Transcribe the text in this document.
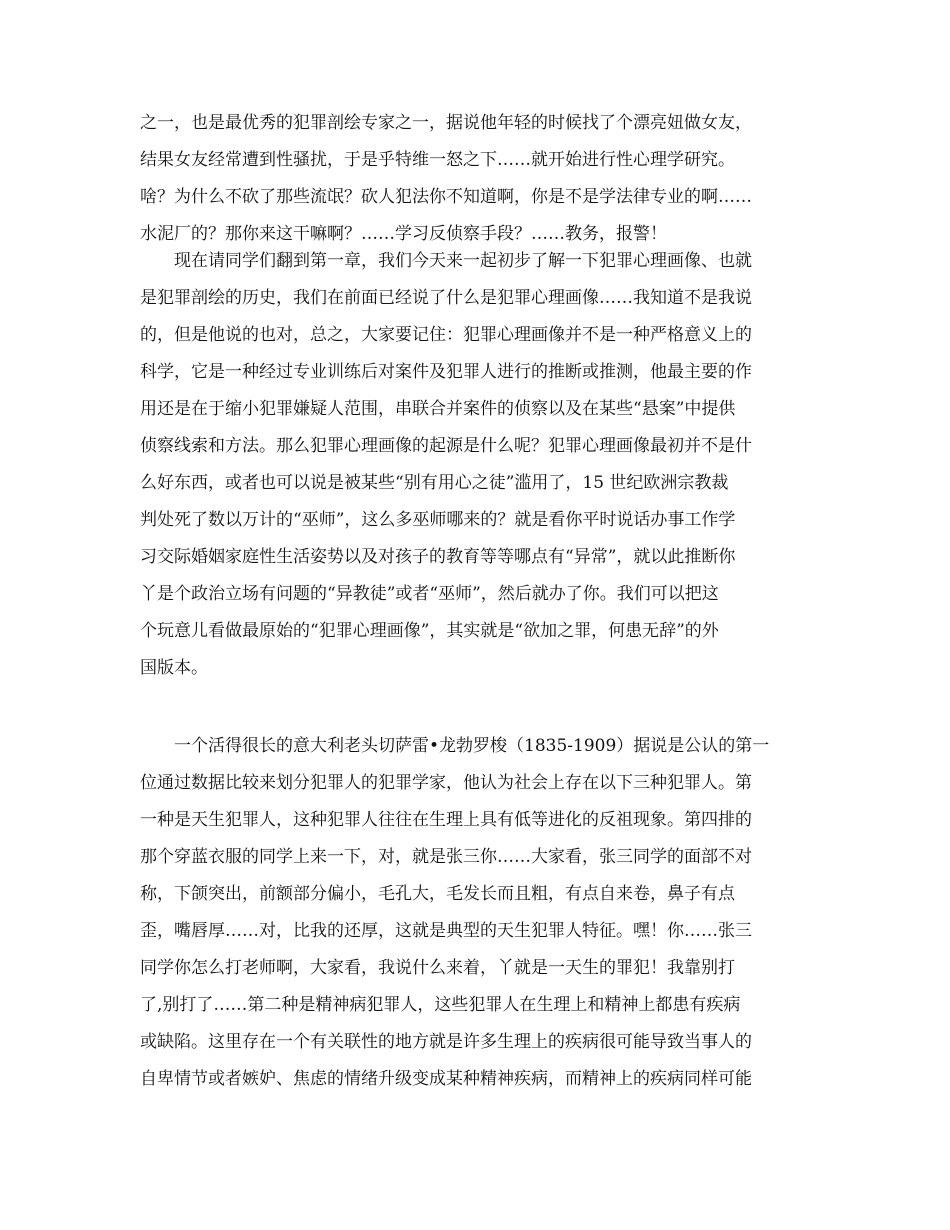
之一，也是最优秀的犯罪剖绘专家之一，据说他年轻的时候找了个漂亮妞做女友，
结果女友经常遭到性骚扰，于是乎特维一怒之下……就开始进行性心理学研究。
啥？为什么不砍了那些流氓？砍人犯法你不知道啊，你是不是学法律专业的啊……
水泥厂的？那你来这干嘛啊？……学习反侦察手段？……教务，报警！
现在请同学们翻到第一章，我们今天来一起初步了解一下犯罪心理画像、也就
是犯罪剖绘的历史，我们在前面已经说了什么是犯罪心理画像……我知道不是我说
的，但是他说的也对，总之，大家要记住：犯罪心理画像并不是一种严格意义上的
科学，它是一种经过专业训练后对案件及犯罪人进行的推断或推测，他最主要的作
用还是在于缩小犯罪嫌疑人范围，串联合并案件的侦察以及在某些“悬案”中提供
侦察线索和方法。那么犯罪心理画像的起源是什么呢？犯罪心理画像最初并不是什
么好东西，或者也可以说是被某些“别有用心之徒”滥用了，15 世纪欧洲宗教裁
判处死了数以万计的“巫师”，这么多巫师哪来的？就是看你平时说话办事工作学
习交际婚姻家庭性生活姿势以及对孩子的教育等等哪点有“异常”，就以此推断你
丫是个政治立场有问题的“异教徒”或者“巫师”，然后就办了你。我们可以把这
个玩意儿看做最原始的“犯罪心理画像”，其实就是“欲加之罪，何患无辞”的外
国版本。
一个活得很长的意大利老头切萨雷•龙勃罗梭（1835-1909）据说是公认的第一
位通过数据比较来划分犯罪人的犯罪学家，他认为社会上存在以下三种犯罪人。第
一种是天生犯罪人，这种犯罪人往往在生理上具有低等进化的反祖现象。第四排的
那个穿蓝衣服的同学上来一下，对，就是张三你……大家看，张三同学的面部不对
称，下颌突出，前额部分偏小，毛孔大，毛发长而且粗，有点自来卷，鼻子有点
歪，嘴唇厚……对，比我的还厚，这就是典型的天生犯罪人特征。嘿！你……张三
同学你怎么打老师啊，大家看，我说什么来着，丫就是一天生的罪犯！我靠别打
了,别打了……第二种是精神病犯罪人，这些犯罪人在生理上和精神上都患有疾病
或缺陷。这里存在一个有关联性的地方就是许多生理上的疾病很可能导致当事人的
自卑情节或者嫉妒、焦虑的情绪升级变成某种精神疾病，而精神上的疾病同样可能
